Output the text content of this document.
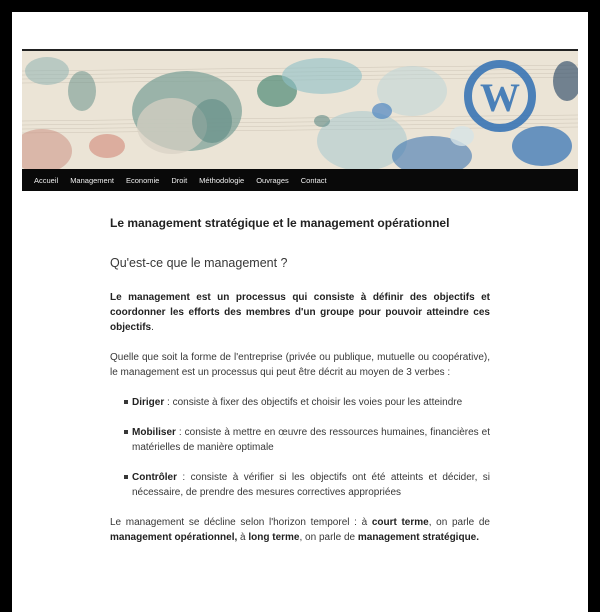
W
Accueil	Management	Economie	Droit	Méthodologie	Ouvrages	Contact
Le management stratégique et le management opérationnel
Qu'est-ce que le management ?

Le management est un processus qui consiste à définir des objectifs et coordonner les efforts des membres d'un groupe pour pouvoir atteindre ces objectifs.

Quelle que soit la forme de l'entreprise (privée ou publique, mutuelle ou coopérative), le management est un processus qui peut être décrit au moyen de 3 verbes :

Diriger : consiste à fixer des objectifs et choisir les voies pour les atteindre
Mobiliser : consiste à mettre en œuvre des ressources humaines, financières et matérielles de manière optimale
Contrôler : consiste à vérifier si les objectifs ont été atteints et décider, si nécessaire, de prendre des mesures correctives appropriées

Le management se décline selon l'horizon temporel : à court terme, on parle de management opérationnel, à long terme, on parle de management stratégique.
